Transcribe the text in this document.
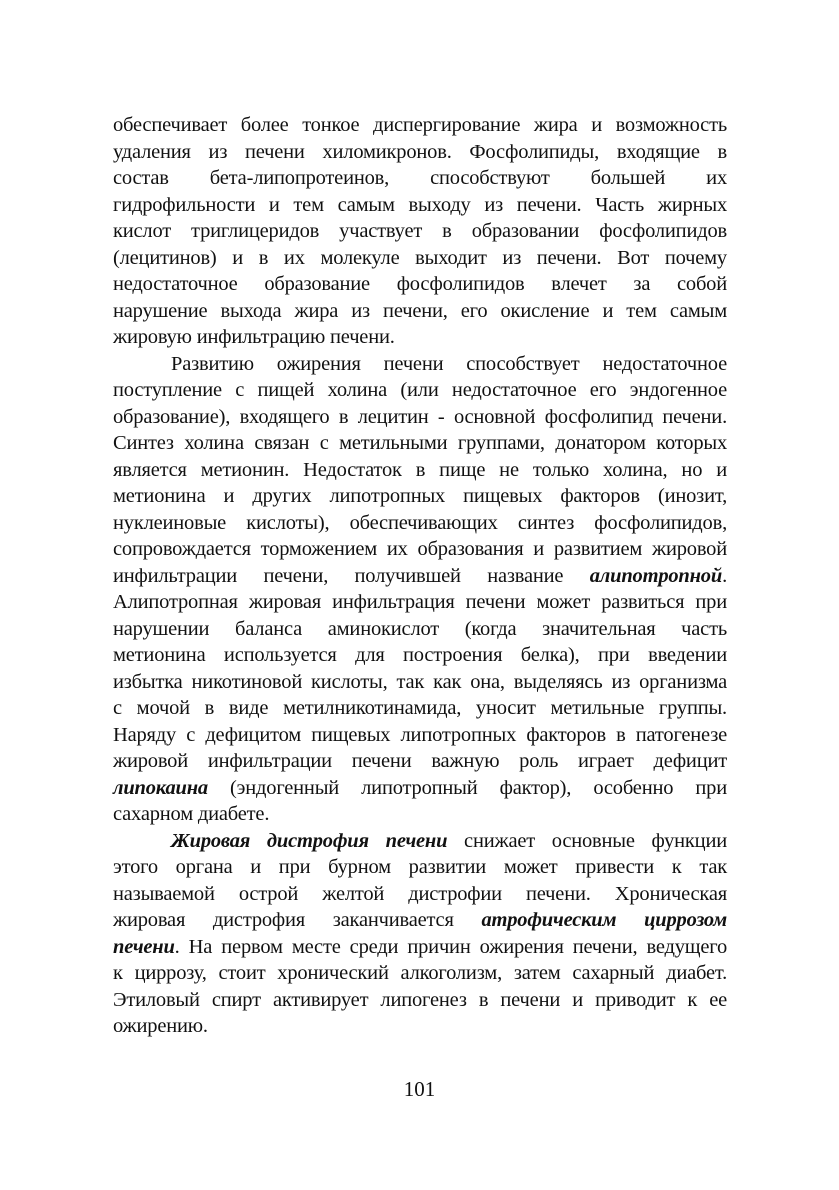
обеспечивает более тонкое диспергирование жира и возможность
удаления из печени хиломикронов. Фосфолипиды, входящие в
состав бета-липопротеинов, способствуют большей их
гидрофильности и тем самым выходу из печени. Часть жирных
кислот триглицеридов участвует в образовании фосфолипидов
(лецитинов) и в их молекуле выходит из печени. Вот почему
недостаточное образование фосфолипидов влечет за собой
нарушение выхода жира из печени, его окисление и тем самым
жировую инфильтрацию печени.
Развитию ожирения печени способствует недостаточное
поступление с пищей холина (или недостаточное его эндогенное
образование), входящего в лецитин - основной фосфолипид печени.
Синтез холина связан с метильными группами, донатором которых
является метионин. Недостаток в пище не только холина, но и
метионина и других липотропных пищевых факторов (инозит,
нуклеиновые кислоты), обеспечивающих синтез фосфолипидов,
сопровождается торможением их образования и развитием жировой
инфильтрации печени, получившей название алипотропной.
Алипотропная жировая инфильтрация печени может развиться при
нарушении баланса аминокислот (когда значительная часть
метионина используется для построения белка), при введении
избытка никотиновой кислоты, так как она, выделяясь из организма
с мочой в виде метилникотинамида, уносит метильные группы.
Наряду с дефицитом пищевых липотропных факторов в патогенезе
жировой инфильтрации печени важную роль играет дефицит
липокаина (эндогенный липотропный фактор), особенно при
сахарном диабете.
Жировая дистрофия печени снижает основные функции
этого органа и при бурном развитии может привести к так
называемой острой желтой дистрофии печени. Хроническая
жировая дистрофия заканчивается атрофическим циррозом
печени. На первом месте среди причин ожирения печени, ведущего
к циррозу, стоит хронический алкоголизм, затем сахарный диабет.
Этиловый спирт активирует липогенез в печени и приводит к ее
ожирению.
101
